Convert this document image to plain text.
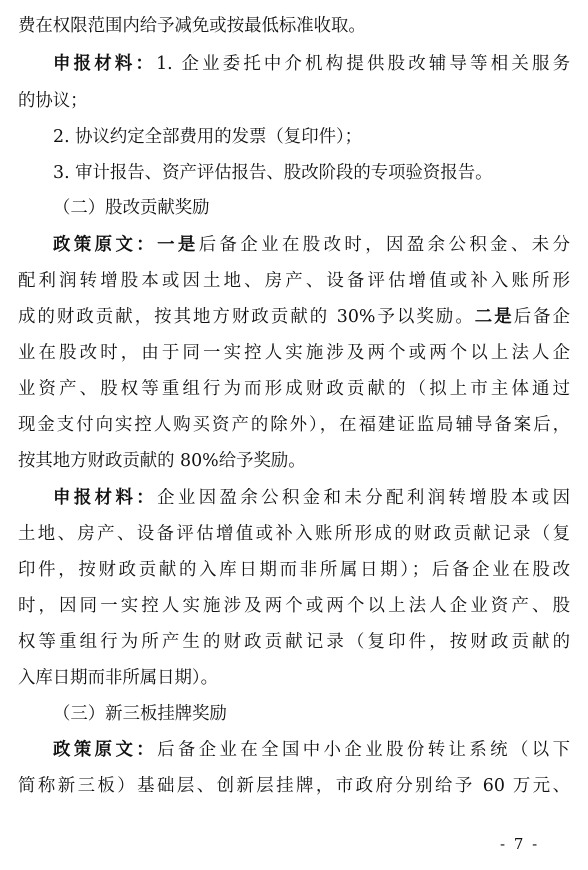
费在权限范围内给予减免或按最低标准收取。
申报材料：1. 企业委托中介机构提供股改辅导等相关服务
的协议；
2. 协议约定全部费用的发票（复印件）；
3. 审计报告、资产评估报告、股改阶段的专项验资报告。
（二）股改贡献奖励
政策原文：一是后备企业在股改时，因盈余公积金、未分
配利润转增股本或因土地、房产、设备评估增值或补入账所形
成的财政贡献，按其地方财政贡献的 30%予以奖励。二是后备企
业在股改时，由于同一实控人实施涉及两个或两个以上法人企
业资产、股权等重组行为而形成财政贡献的（拟上市主体通过
现金支付向实控人购买资产的除外），在福建证监局辅导备案后，
按其地方财政贡献的 80%给予奖励。
申报材料：企业因盈余公积金和未分配利润转增股本或因
土地、房产、设备评估增值或补入账所形成的财政贡献记录（复
印件，按财政贡献的入库日期而非所属日期）；后备企业在股改
时，因同一实控人实施涉及两个或两个以上法人企业资产、股
权等重组行为所产生的财政贡献记录（复印件，按财政贡献的
入库日期而非所属日期）。
（三）新三板挂牌奖励
政策原文：后备企业在全国中小企业股份转让系统（以下
简称新三板）基础层、创新层挂牌，市政府分别给予 60 万元、
- 7 -
